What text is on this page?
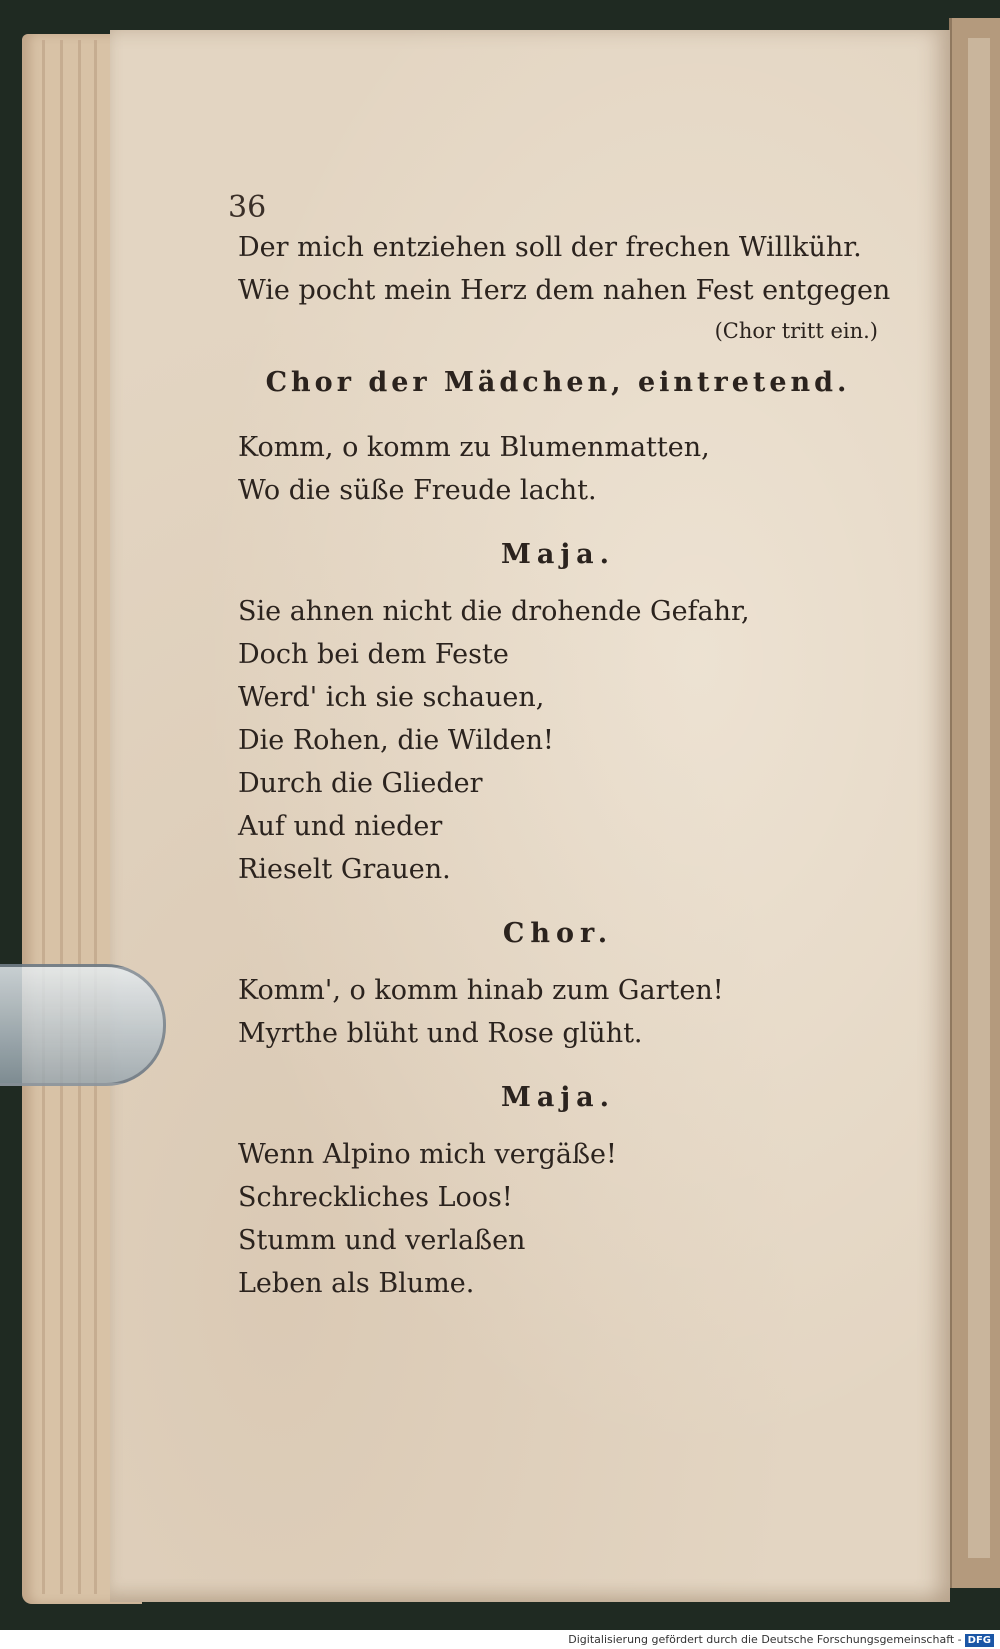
36
Der mich entziehen soll der frechen Willkühr.
Wie pocht mein Herz dem nahen Fest entgegen
(Chor tritt ein.)
Chor der Mädchen, eintretend.
Komm, o komm zu Blumenmatten,
Wo die süße Freude lacht.
Maja.
Sie ahnen nicht die drohende Gefahr,
Doch bei dem Feste
Werd' ich sie schauen,
Die Rohen, die Wilden!
Durch die Glieder
Auf und nieder
Rieselt Grauen.
Chor.
Komm', o komm hinab zum Garten!
Myrthe blüht und Rose glüht.
Maja.
Wenn Alpino mich vergäße!
Schreckliches Loos!
Stumm und verlaßen
Leben als Blume.
Digitalisierung gefördert durch die Deutsche Forschungsgemeinschaft - DFG
